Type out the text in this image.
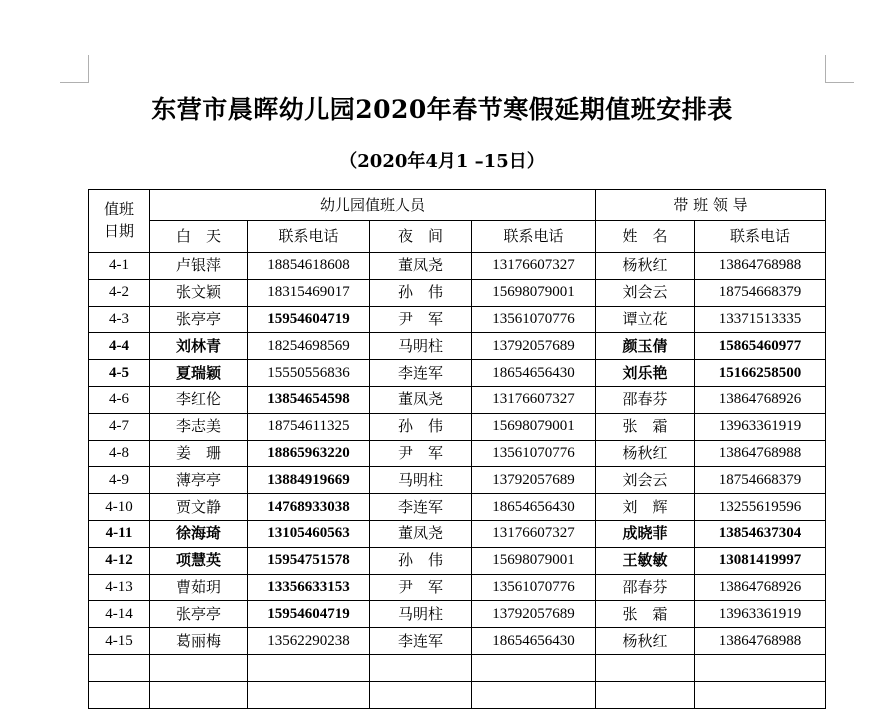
东营市晨晖幼儿园2020年春节寒假延期值班安排表
（2020年4月1 –15日）
值班
日期	幼儿园值班人员				带 班 领 导	
	白　天	联系电话	夜　间	联系电话	姓　名	联系电话
4-1	卢银萍	18854618608	董凤尧	13176607327	杨秋红	13864768988
4-2	张文颖	18315469017	孙　伟	15698079001	刘会云	18754668379
4-3	张亭亭	15954604719	尹　军	13561070776	谭立花	13371513335
4-4	刘林青	18254698569	马明柱	13792057689	颜玉倩	15865460977
4-5	夏瑞颖	15550556836	李连军	18654656430	刘乐艳	15166258500
4-6	李红伦	13854654598	董凤尧	13176607327	邵春芬	13864768926
4-7	李志美	18754611325	孙　伟	15698079001	张　霜	13963361919
4-8	姜　珊	18865963220	尹　军	13561070776	杨秋红	13864768988
4-9	薄亭亭	13884919669	马明柱	13792057689	刘会云	18754668379
4-10	贾文静	14768933038	李连军	18654656430	刘　辉	13255619596
4-11	徐海琦	13105460563	董凤尧	13176607327	成晓菲	13854637304
4-12	项慧英	15954751578	孙　伟	15698079001	王敏敏	13081419997
4-13	曹茹玥	13356633153	尹　军	13561070776	邵春芬	13864768926
4-14	张亭亭	15954604719	马明柱	13792057689	张　霜	13963361919
4-15	葛丽梅	13562290238	李连军	18654656430	杨秋红	13864768988
